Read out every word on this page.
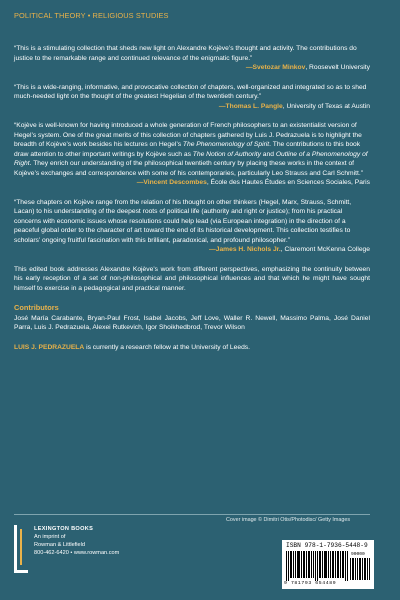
POLITICAL THEORY • RELIGIOUS STUDIES

“This is a stimulating collection that sheds new light on Alexandre Kojève’s thought and activity. The contributions do justice to the remarkable range and continued relevance of the enigmatic figure.”

—Svetozar Minkov, Roosevelt University

“This is a wide-ranging, informative, and provocative collection of chapters, well-organized and integrated so as to shed much-needed light on the thought of the greatest Hegelian of the twentieth century.”

—Thomas L. Pangle, University of Texas at Austin

“Kojève is well-known for having introduced a whole generation of French philosophers to an existentialist version of Hegel’s system. One of the great merits of this collection of chapters gathered by Luis J. Pedrazuela is to highlight the breadth of Kojève’s work besides his lectures on Hegel’s The Phenomenology of Spirit. The contributions to this book draw attention to other important writings by Kojève such as The Notion of Authority and Outline of a Phenomenology of Right. They enrich our understanding of the philosophical twentieth century by placing these works in the context of Kojève’s exchanges and correspondence with some of his contemporaries, particularly Leo Strauss and Carl Schmitt.”

—Vincent Descombes, École des Hautes Études en Sciences Sociales, Paris

“These chapters on Kojève range from the relation of his thought on other thinkers (Hegel, Marx, Strauss, Schmitt, Lacan) to his understanding of the deepest roots of political life (authority and right or justice); from his practical concerns with economic issues whose resolutions could help lead (via European integration) in the direction of a peaceful global order to the character of art toward the end of its historical development. This collection testifies to scholars’ ongoing fruitful fascination with this brilliant, paradoxical, and profound philosopher.”

—James H. Nichols Jr., Claremont McKenna College

This edited book addresses Alexandre Kojève’s work from different perspectives, emphasizing the continuity between his early reception of a set of non-philosophical and philosophical influences and that which he might have sought himself to exercise in a pedagogical and practical manner.

Contributors

José María Carabante, Bryan-Paul Frost, Isabel Jacobs, Jeff Love, Waller R. Newell, Massimo Palma, José Daniel Parra, Luis J. Pedrazuela, Alexei Rutkevich, Igor Shoikhedbrod, Trevor Wilson

LUIS J. PEDRAZUELA is currently a research fellow at the University of Leeds.

LEXINGTON BOOKS
An imprint of
Rowman & Littlefield
800-462-6420 • www.rowman.com
Cover image © Dimitri Otis/Photodisc/ Getty Images
ISBN 978-1-7936-5448-9
90000
9 781793 654489
